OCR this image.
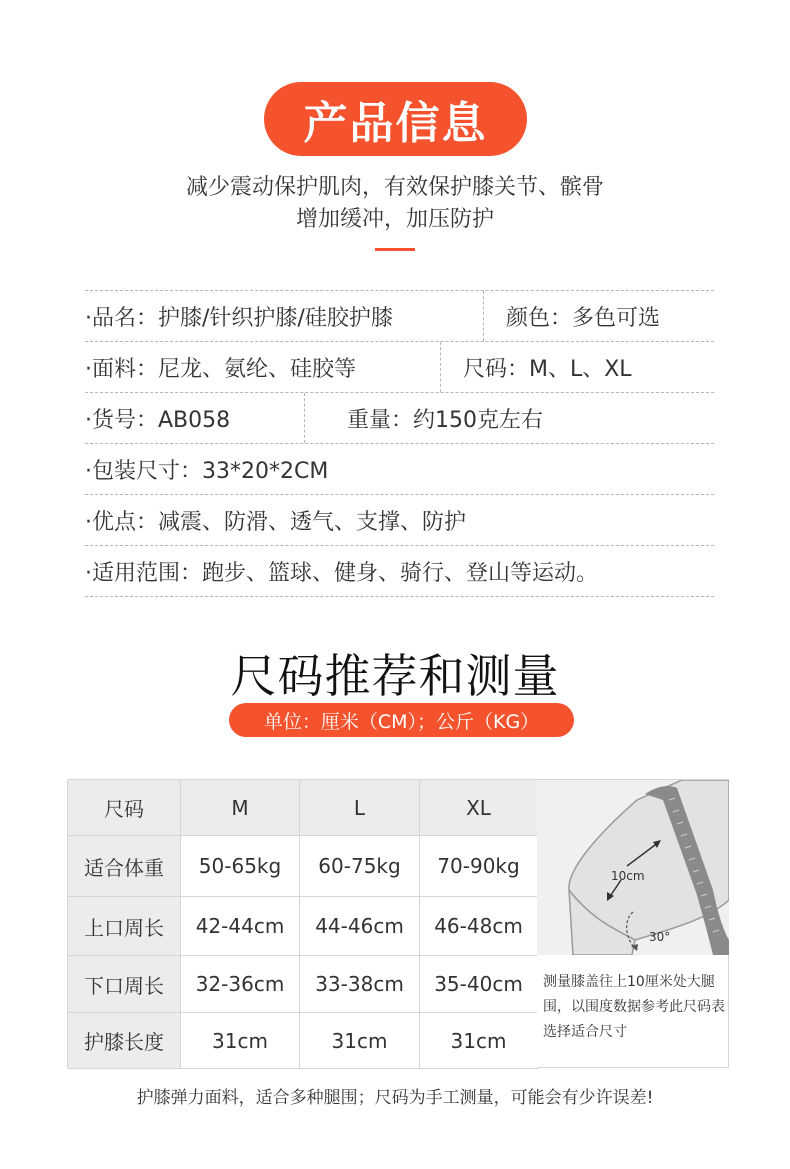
产品信息
减少震动保护肌肉，有效保护膝关节、髌骨
增加缓冲，加压防护
·品名：护膝/针织护膝/硅胶护膝	颜色：多色可选
·面料：尼龙、氨纶、硅胶等	尺码：M、L、XL
·货号：AB058	重量：约150克左右
·包装尺寸：33*20*2CM
·优点：减震、防滑、透气、支撑、防护
·适用范围：跑步、篮球、健身、骑行、登山等运动。
尺码推荐和测量
单位：厘米（CM）；公斤（KG）
尺码	M	L	XL
适合体重	50-65kg	60-75kg	70-90kg
上口周长	42-44cm	44-46cm	46-48cm
下口周长	32-36cm	33-38cm	35-40cm
护膝长度	31cm	31cm	31cm
10cm
30°
测量膝盖往上10厘米处大腿围，以围度数据参考此尺码表选择适合尺寸
护膝弹力面料，适合多种腿围；尺码为手工测量，可能会有少许误差!
